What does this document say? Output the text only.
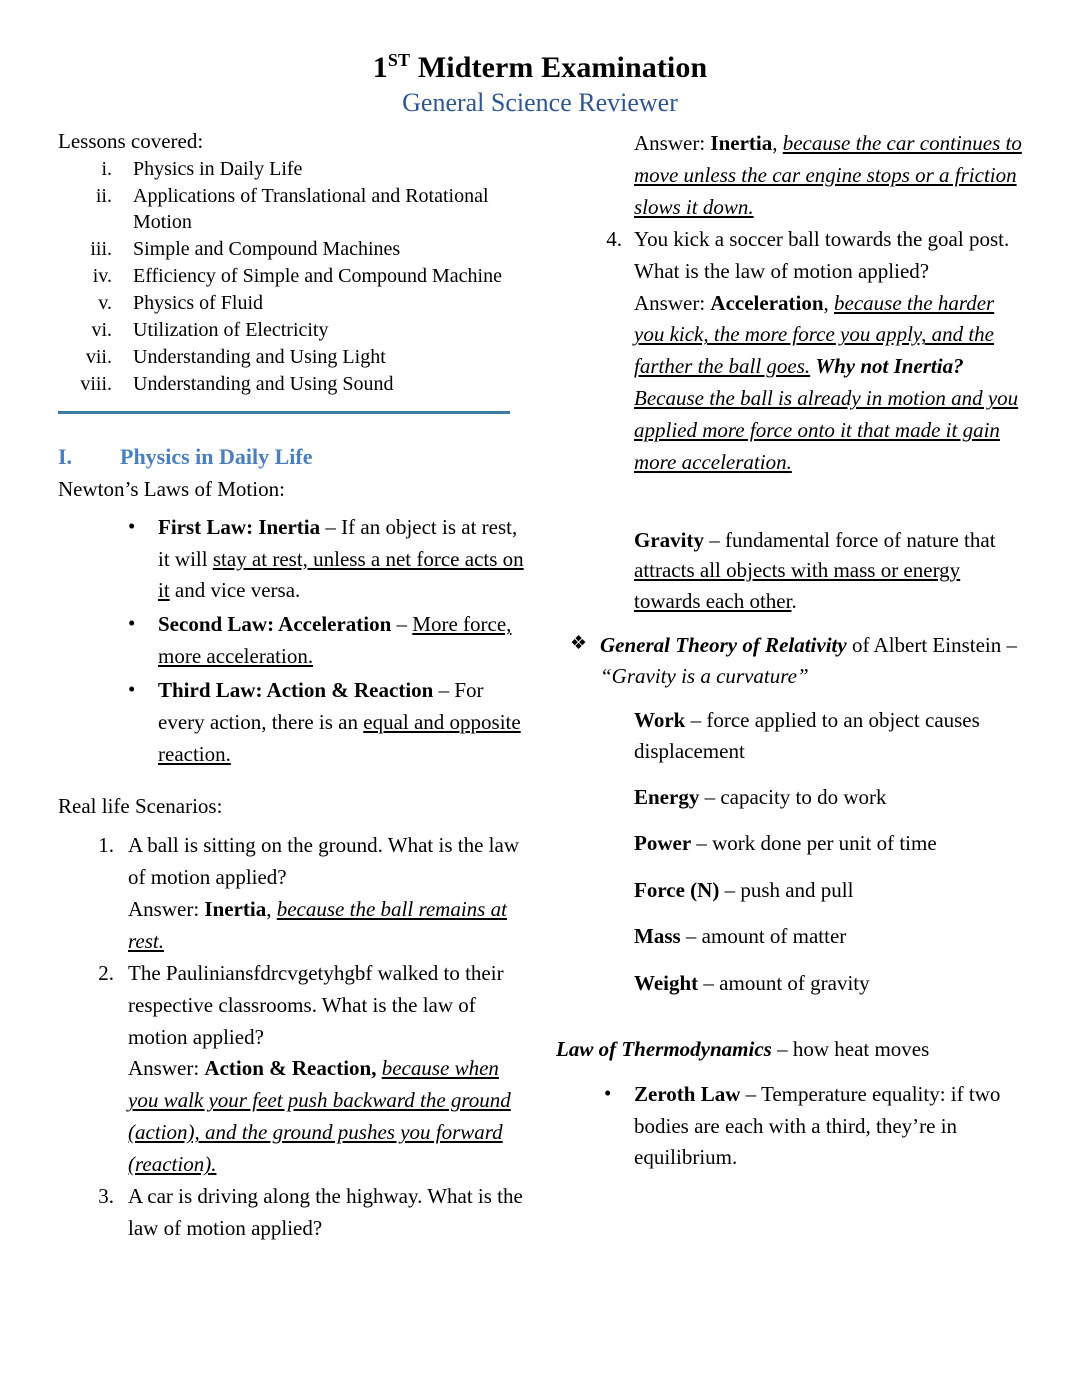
1ST Midterm Examination
General Science Reviewer
Lessons covered:
i. Physics in Daily Life
ii. Applications of Translational and Rotational Motion
iii. Simple and Compound Machines
iv. Efficiency of Simple and Compound Machine
v. Physics of Fluid
vi. Utilization of Electricity
vii. Understanding and Using Light
viii. Understanding and Using Sound
I.	Physics in Daily Life
Newton’s Laws of Motion:
• First Law: Inertia – If an object is at rest, it will stay at rest, unless a net force acts on it and vice versa.
• Second Law: Acceleration – More force, more acceleration.
• Third Law: Action & Reaction – For every action, there is an equal and opposite reaction.
Real life Scenarios:
1. A ball is sitting on the ground. What is the law of motion applied?
Answer: Inertia, because the ball remains at rest.
2. The Pauliniansfdrcvgetyhgbf walked to their respective classrooms. What is the law of motion applied?
Answer: Action & Reaction, because when you walk your feet push backward the ground (action), and the ground pushes you forward (reaction).
3. A car is driving along the highway. What is the law of motion applied?
Answer: Inertia, because the car continues to move unless the car engine stops or a friction slows it down.
4. You kick a soccer ball towards the goal post. What is the law of motion applied?
Answer: Acceleration, because the harder you kick, the more force you apply, and the farther the ball goes. Why not Inertia? Because the ball is already in motion and you applied more force onto it that made it gain more acceleration.
Gravity – fundamental force of nature that attracts all objects with mass or energy towards each other.
❖ General Theory of Relativity of Albert Einstein – “Gravity is a curvature”
Work – force applied to an object causes displacement
Energy – capacity to do work
Power – work done per unit of time
Force (N) – push and pull
Mass – amount of matter
Weight – amount of gravity
Law of Thermodynamics – how heat moves
• Zeroth Law – Temperature equality: if two bodies are each with a third, they’re in equilibrium.
